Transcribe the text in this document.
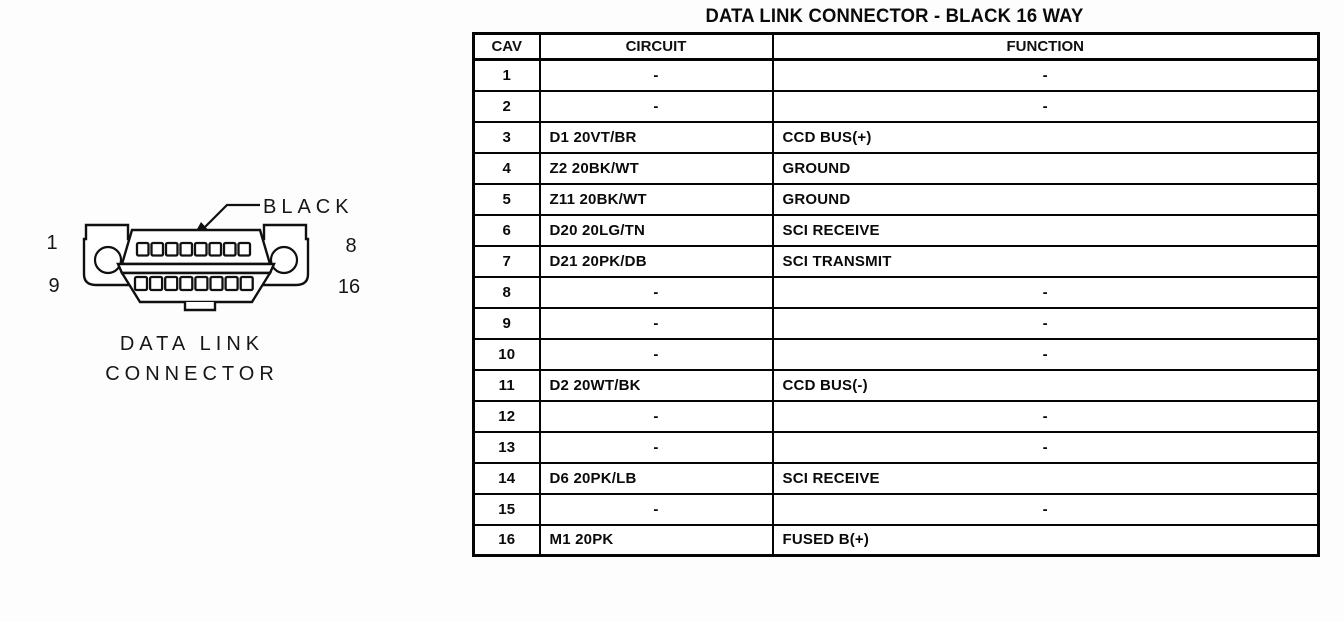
BLACK
1
9
8
16
DATA LINK
CONNECTOR
DATA LINK CONNECTOR - BLACK 16 WAY
CAV	CIRCUIT	FUNCTION
1	-	-
2	-	-
3	D1 20VT/BR	CCD BUS(+)
4	Z2 20BK/WT	GROUND
5	Z11 20BK/WT	GROUND
6	D20 20LG/TN	SCI RECEIVE
7	D21 20PK/DB	SCI TRANSMIT
8	-	-
9	-	-
10	-	-
11	D2 20WT/BK	CCD BUS(-)
12	-	-
13	-	-
14	D6 20PK/LB	SCI RECEIVE
15	-	-
16	M1 20PK	FUSED B(+)
